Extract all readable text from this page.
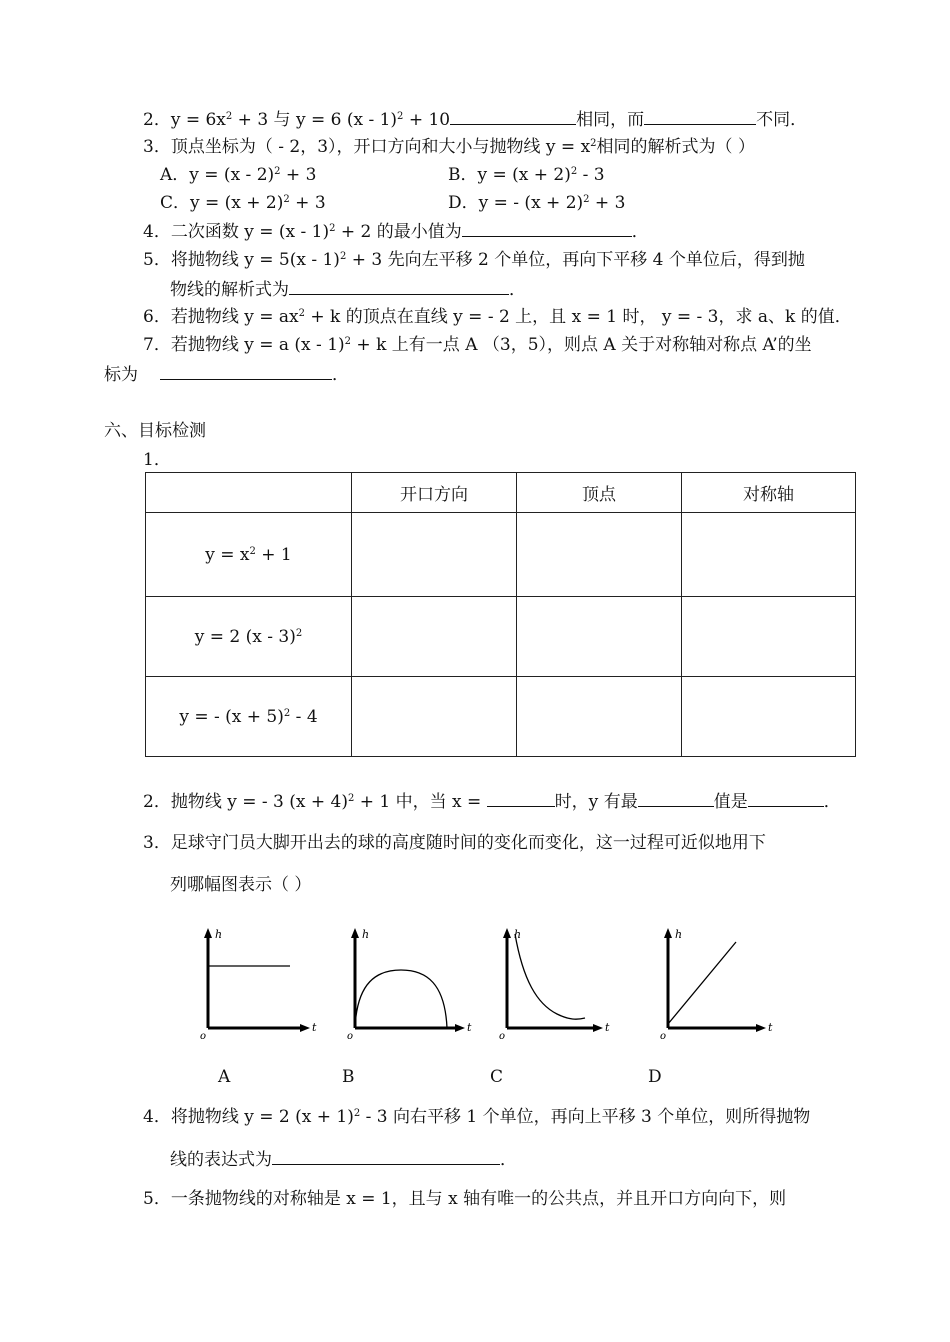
2．$y = 6x^2 + 3$ 与 y = 6 (x - 1)$^2$ + 10	相同，而	不同．
3．顶点坐标为（ - 2，3），开口方向和大小与抛物线 $y = x^2$相同的解析式为（ ）
A．y = (x - 2)$^2$ + 3	B．$y = (x + 2)^2 - 3$
C．$y = (x + 2)^2 + 3$	D．y = - $(x + 2)^2 + 3$
4．二次函数 y = (x - 1)$^2$ + 2 的最小值为	．
5．将抛物线 y = 5(x - 1)$^2$ + 3 先向左平移 2 个单位，再向下平移 4 个单位后，得到抛
物线的解析式为	．
6．若抛物线 $y = ax^2 + k$ 的顶点在直线 y = - 2 上，且 x = 1 时， y = - 3，求 a、k 的值．
7．若抛物线 y = a (x - 1)$^2$ + k 上有一点 A （3，5），则点 A 关于对称轴对称点 A’的坐
标为	．
六、目标检测
1．
	开口方向	顶点	对称轴
$y = x^2 + 1$			
y = 2 (x - 3)$^2$			
y = - $(x + 5)^2 - 4$			
2．抛物线 y = - 3 $(x + 4)^2 + 1$ 中，当 x =	时，y 有最	值是	．
3．足球守门员大脚开出去的球的高度随时间的变化而变化，这一过程可近似地用下
列哪幅图表示（ ）
h
t
o
h
t
o
h
t
o
h
t
o
A	B	C	D
4．将抛物线 y = 2 $(x + 1)^2 - 3$ 向右平移 1 个单位，再向上平移 3 个单位，则所得抛物
线的表达式为	．
5．一条抛物线的对称轴是 x = 1，且与 x 轴有唯一的公共点，并且开口方向向下，则
